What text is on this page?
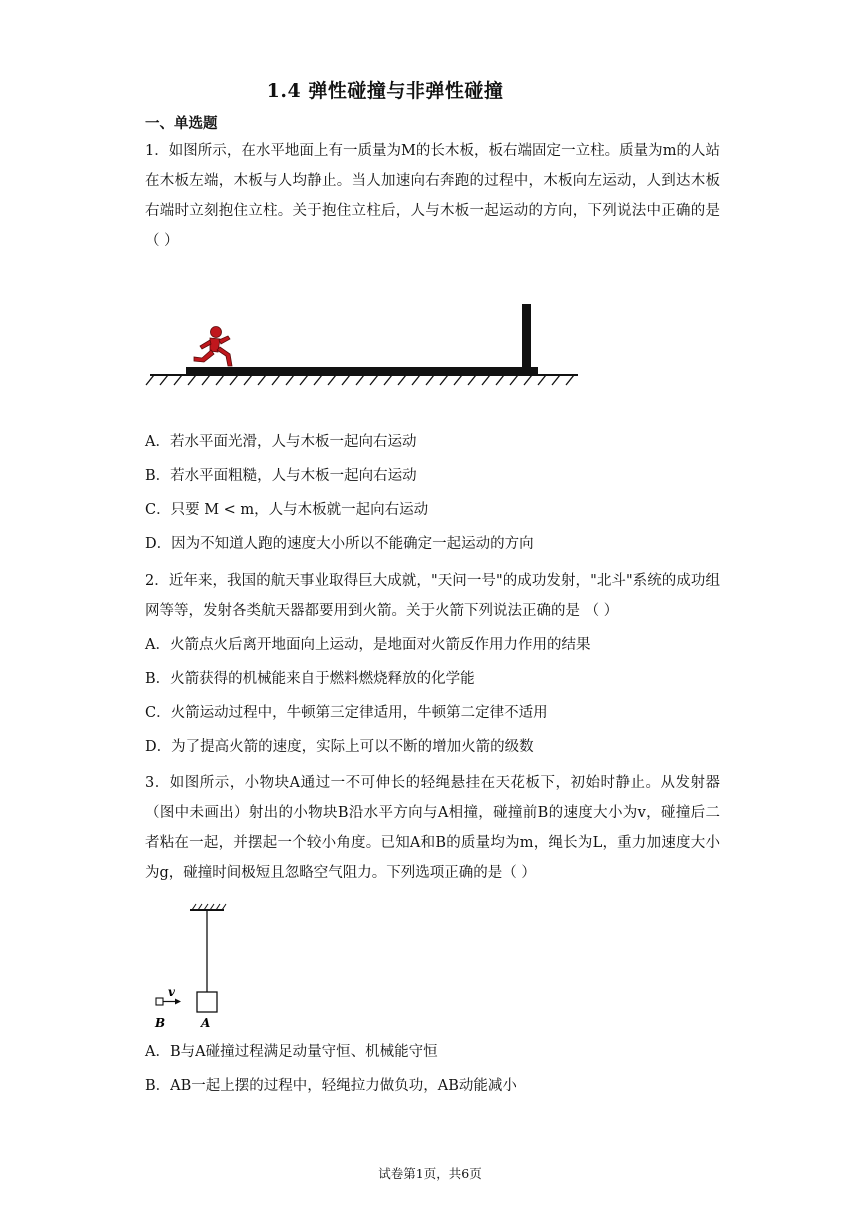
1.4 弹性碰撞与非弹性碰撞
一、单选题
1．如图所示，在水平地面上有一质量为M的长木板，板右端固定一立柱。质量为m的人站在木板左端，木板与人均静止。当人加速向右奔跑的过程中，木板向左运动，人到达木板右端时立刻抱住立柱。关于抱住立柱后，人与木板一起运动的方向，下列说法中正确的是（ ）
A．若水平面光滑，人与木板一起向右运动
B．若水平面粗糙，人与木板一起向右运动
C．只要 M < m，人与木板就一起向右运动
D．因为不知道人跑的速度大小所以不能确定一起运动的方向
2．近年来，我国的航天事业取得巨大成就，"天问一号"的成功发射，"北斗"系统的成功组网等等，发射各类航天器都要用到火箭。关于火箭下列说法正确的是 （ ）
A．火箭点火后离开地面向上运动，是地面对火箭反作用力作用的结果
B．火箭获得的机械能来自于燃料燃烧释放的化学能
C．火箭运动过程中，牛顿第三定律适用，牛顿第二定律不适用
D．为了提高火箭的速度，实际上可以不断的增加火箭的级数
3．如图所示，小物块A通过一不可伸长的轻绳悬挂在天花板下，初始时静止。从发射器（图中未画出）射出的小物块B沿水平方向与A相撞，碰撞前B的速度大小为v，碰撞后二者粘在一起，并摆起一个较小角度。已知A和B的质量均为m，绳长为L，重力加速度大小为g，碰撞时间极短且忽略空气阻力。下列选项正确的是（ ）
v
B	A
A．B与A碰撞过程满足动量守恒、机械能守恒
B．AB一起上摆的过程中，轻绳拉力做负功，AB动能减小
试卷第1页，共6页
